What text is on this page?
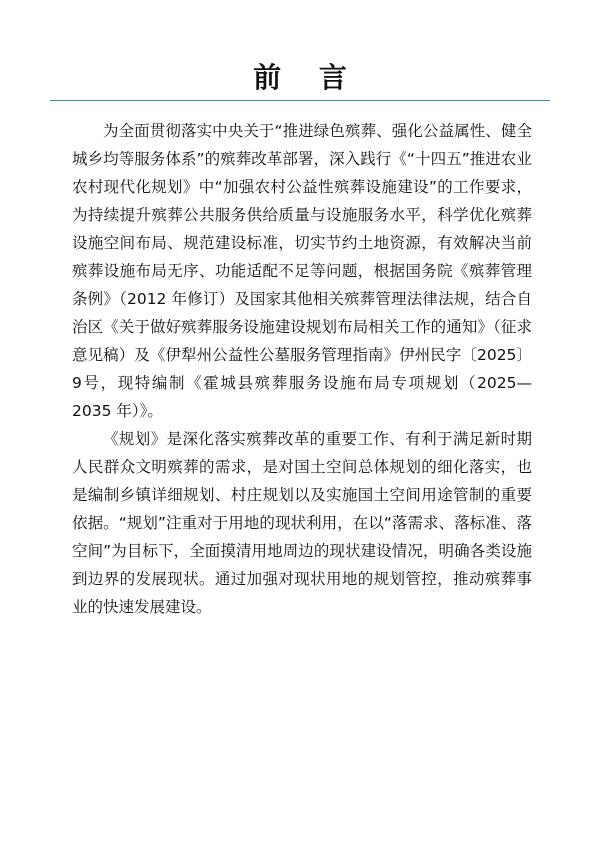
前 言

为全面贯彻落实中央关于“推进绿色殡葬、强化公益属性、健全城乡均等服务体系”的殡葬改革部署，深入践行《“十四五”推进农业农村现代化规划》中“加强农村公益性殡葬设施建设”的工作要求，为持续提升殡葬公共服务供给质量与设施服务水平，科学优化殡葬设施空间布局、规范建设标准，切实节约土地资源，有效解决当前殡葬设施布局无序、功能适配不足等问题，根据国务院《殡葬管理条例》（2012 年修订）及国家其他相关殡葬管理法律法规，结合自治区《关于做好殡葬服务设施建设规划布局相关工作的通知》（征求意见稿）及《伊犁州公益性公墓服务管理指南》伊州民字〔2025〕9号，现特编制《霍城县殡葬服务设施布局专项规划（2025—2035 年）》。

《规划》是深化落实殡葬改革的重要工作、有利于满足新时期人民群众文明殡葬的需求，是对国土空间总体规划的细化落实，也是编制乡镇详细规划、村庄规划以及实施国土空间用途管制的重要依据。“规划”注重对于用地的现状利用，在以“落需求、落标准、落空间”为目标下，全面摸清用地周边的现状建设情况，明确各类设施到边界的发展现状。通过加强对现状用地的规划管控，推动殡葬事业的快速发展建设。
